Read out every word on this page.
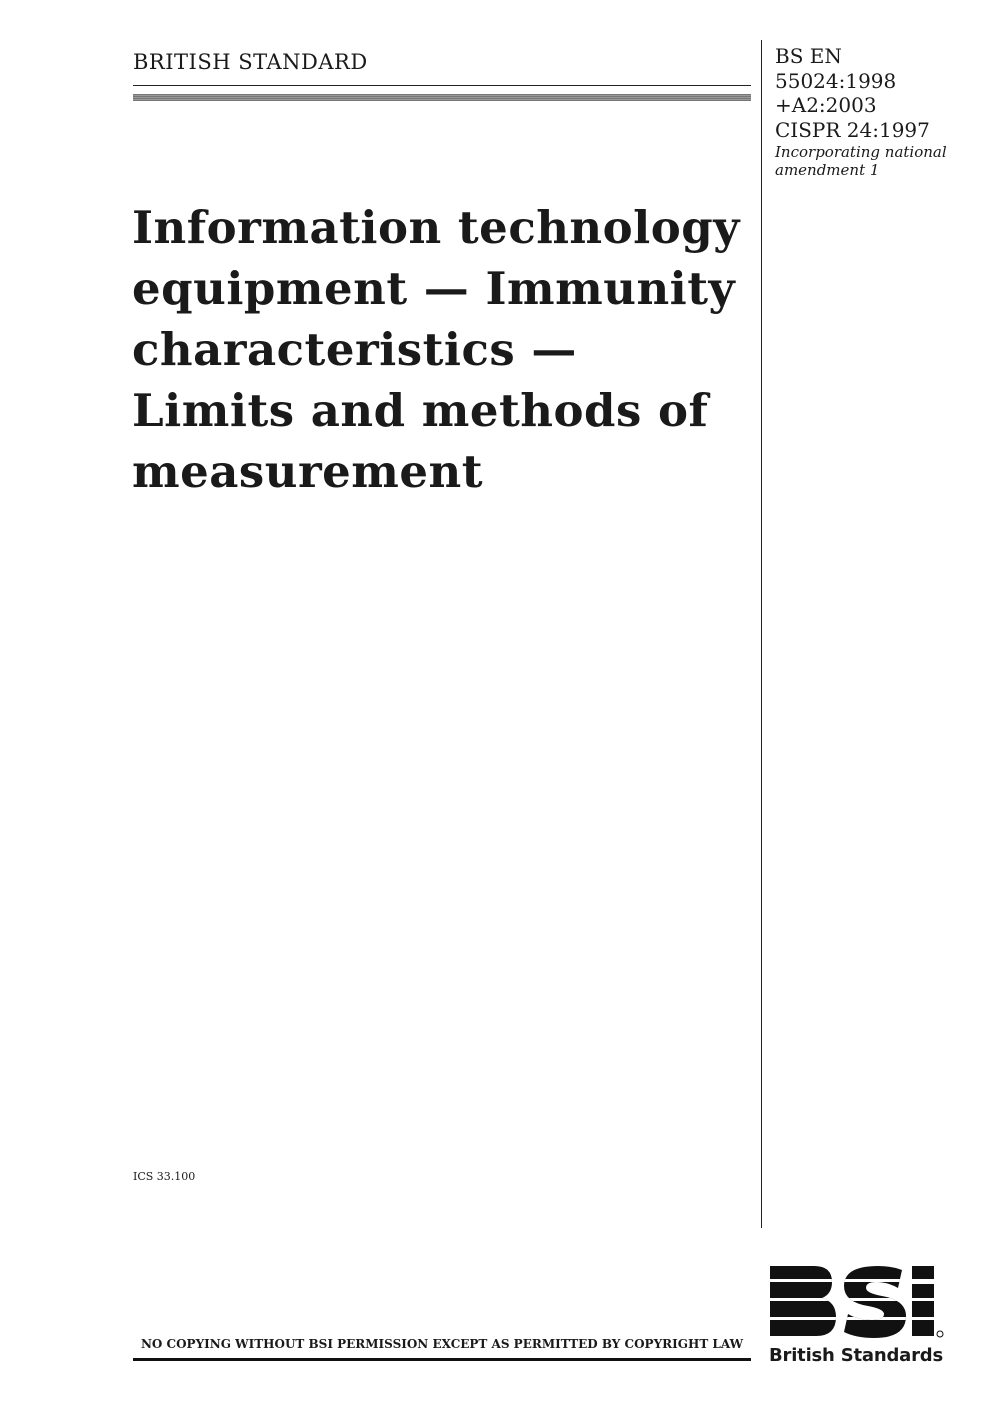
BRITISH STANDARD	BS EN
55024:1998
+A2:2003
CISPR 24:1997
Incorporating national
amendment 1
Information technology
equipment — Immunity
characteristics —
Limits and methods of
measurement
ICS 33.100
NO COPYING WITHOUT BSI PERMISSION EXCEPT AS PERMITTED BY COPYRIGHT LAW
British Standards
